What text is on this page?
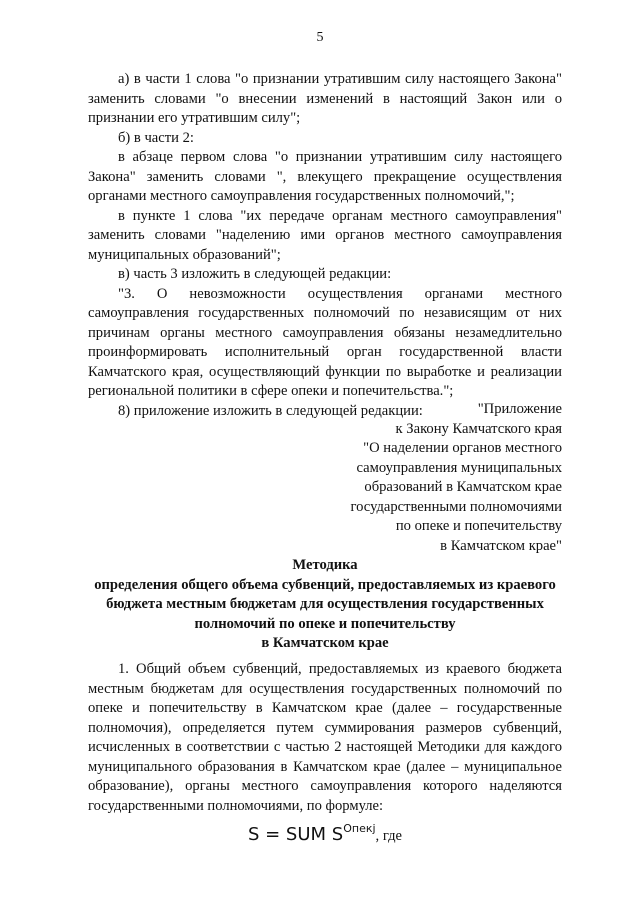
5

а) в части 1 слова "о признании утратившим силу настоящего Закона" заменить словами "о внесении изменений в настоящий Закон или о признании его утратившим силу";

б) в части 2:

в абзаце первом слова "о признании утратившим силу настоящего Закона" заменить словами ", влекущего прекращение осуществления органами местного самоуправления государственных полномочий,";

в пункте 1 слова "их передаче органам местного самоуправления" заменить словами "наделению ими органов местного самоуправления муниципальных образований";

в) часть 3 изложить в следующей редакции:

"3. О невозможности осуществления органами местного самоуправления государственных полномочий по независящим от них причинам органы местного самоуправления обязаны незамедлительно проинформировать исполнительный орган государственной власти Камчатского края, осуществляющий функции по выработке и реализации региональной политики в сфере опеки и попечительства.";

8) приложение изложить в следующей редакции:	"Приложение
к Закону Камчатского края
"О наделении органов местного
самоуправления муниципальных
образований в Камчатском крае
государственными полномочиями
по опеке и попечительству
в Камчатском крае"
Методика
определения общего объема субвенций, предоставляемых из краевого
бюджета местным бюджетам для осуществления государственных
полномочий по опеке и попечительству
в Камчатском крае

1. Общий объем субвенций, предоставляемых из краевого бюджета местным бюджетам для осуществления государственных полномочий по опеке и попечительству в Камчатском крае (далее – государственные полномочия), определяется путем суммирования размеров субвенций, исчисленных в соответствии с частью 2 настоящей Методики для каждого муниципального образования в Камчатском крае (далее – муниципальное образование), органы местного самоуправления которого наделяются государственными полномочиями, по формуле:

S = SUM $S^{Опекj}$, где
